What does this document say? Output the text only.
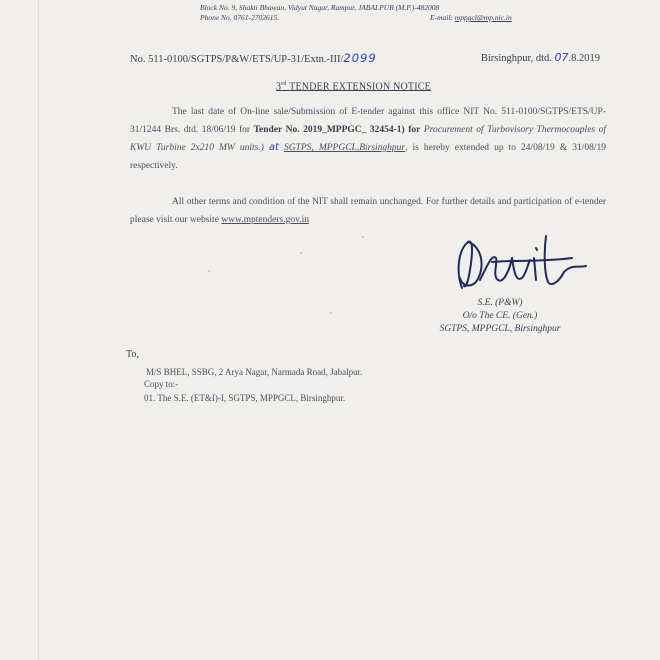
Block No. 9, Shakti Bhawan, Vidyut Nagar, Rampur, JABALPUR (M.P.)-482008
Phone No. 0761-2702615.	E-mail: mppgcl@mp.nic.in
No. 511-0100/SGTPS/P&W/ETS/UP-31/Extn.-III/2099	Birsinghpur, dtd. 07.8.2019
3rd TENDER EXTENSION NOTICE
The last date of On-line sale/Submission of E-tender against this office NIT No. 511-0100/SGTPS/ETS/UP-31/1244 Brs. dtd. 18/06/19 for Tender No. 2019_MPPGC_ 32454-1) for Procurement of Turbovisory Thermocouples of KWU Turbine 2x210 MW units.) at SGTPS, MPPGCL,Birsinghpur, is hereby extended up to 24/08/19 & 31/08/19 respectively.
All other terms and condition of the NIT shall remain unchanged. For further details and participation of e-tender please visit our website www.mptenders.gov.in
S.E. (P&W)
O/o The CE. (Gen.)
SGTPS, MPPGCL, Birsinghpur
To,
M/S BHEL, SSBG, 2 Arya Nagar, Narmada Road, Jabalpur.
Copy to:-
01. The S.E. (ET&I)-I, SGTPS, MPPGCL, Birsinghpur.
